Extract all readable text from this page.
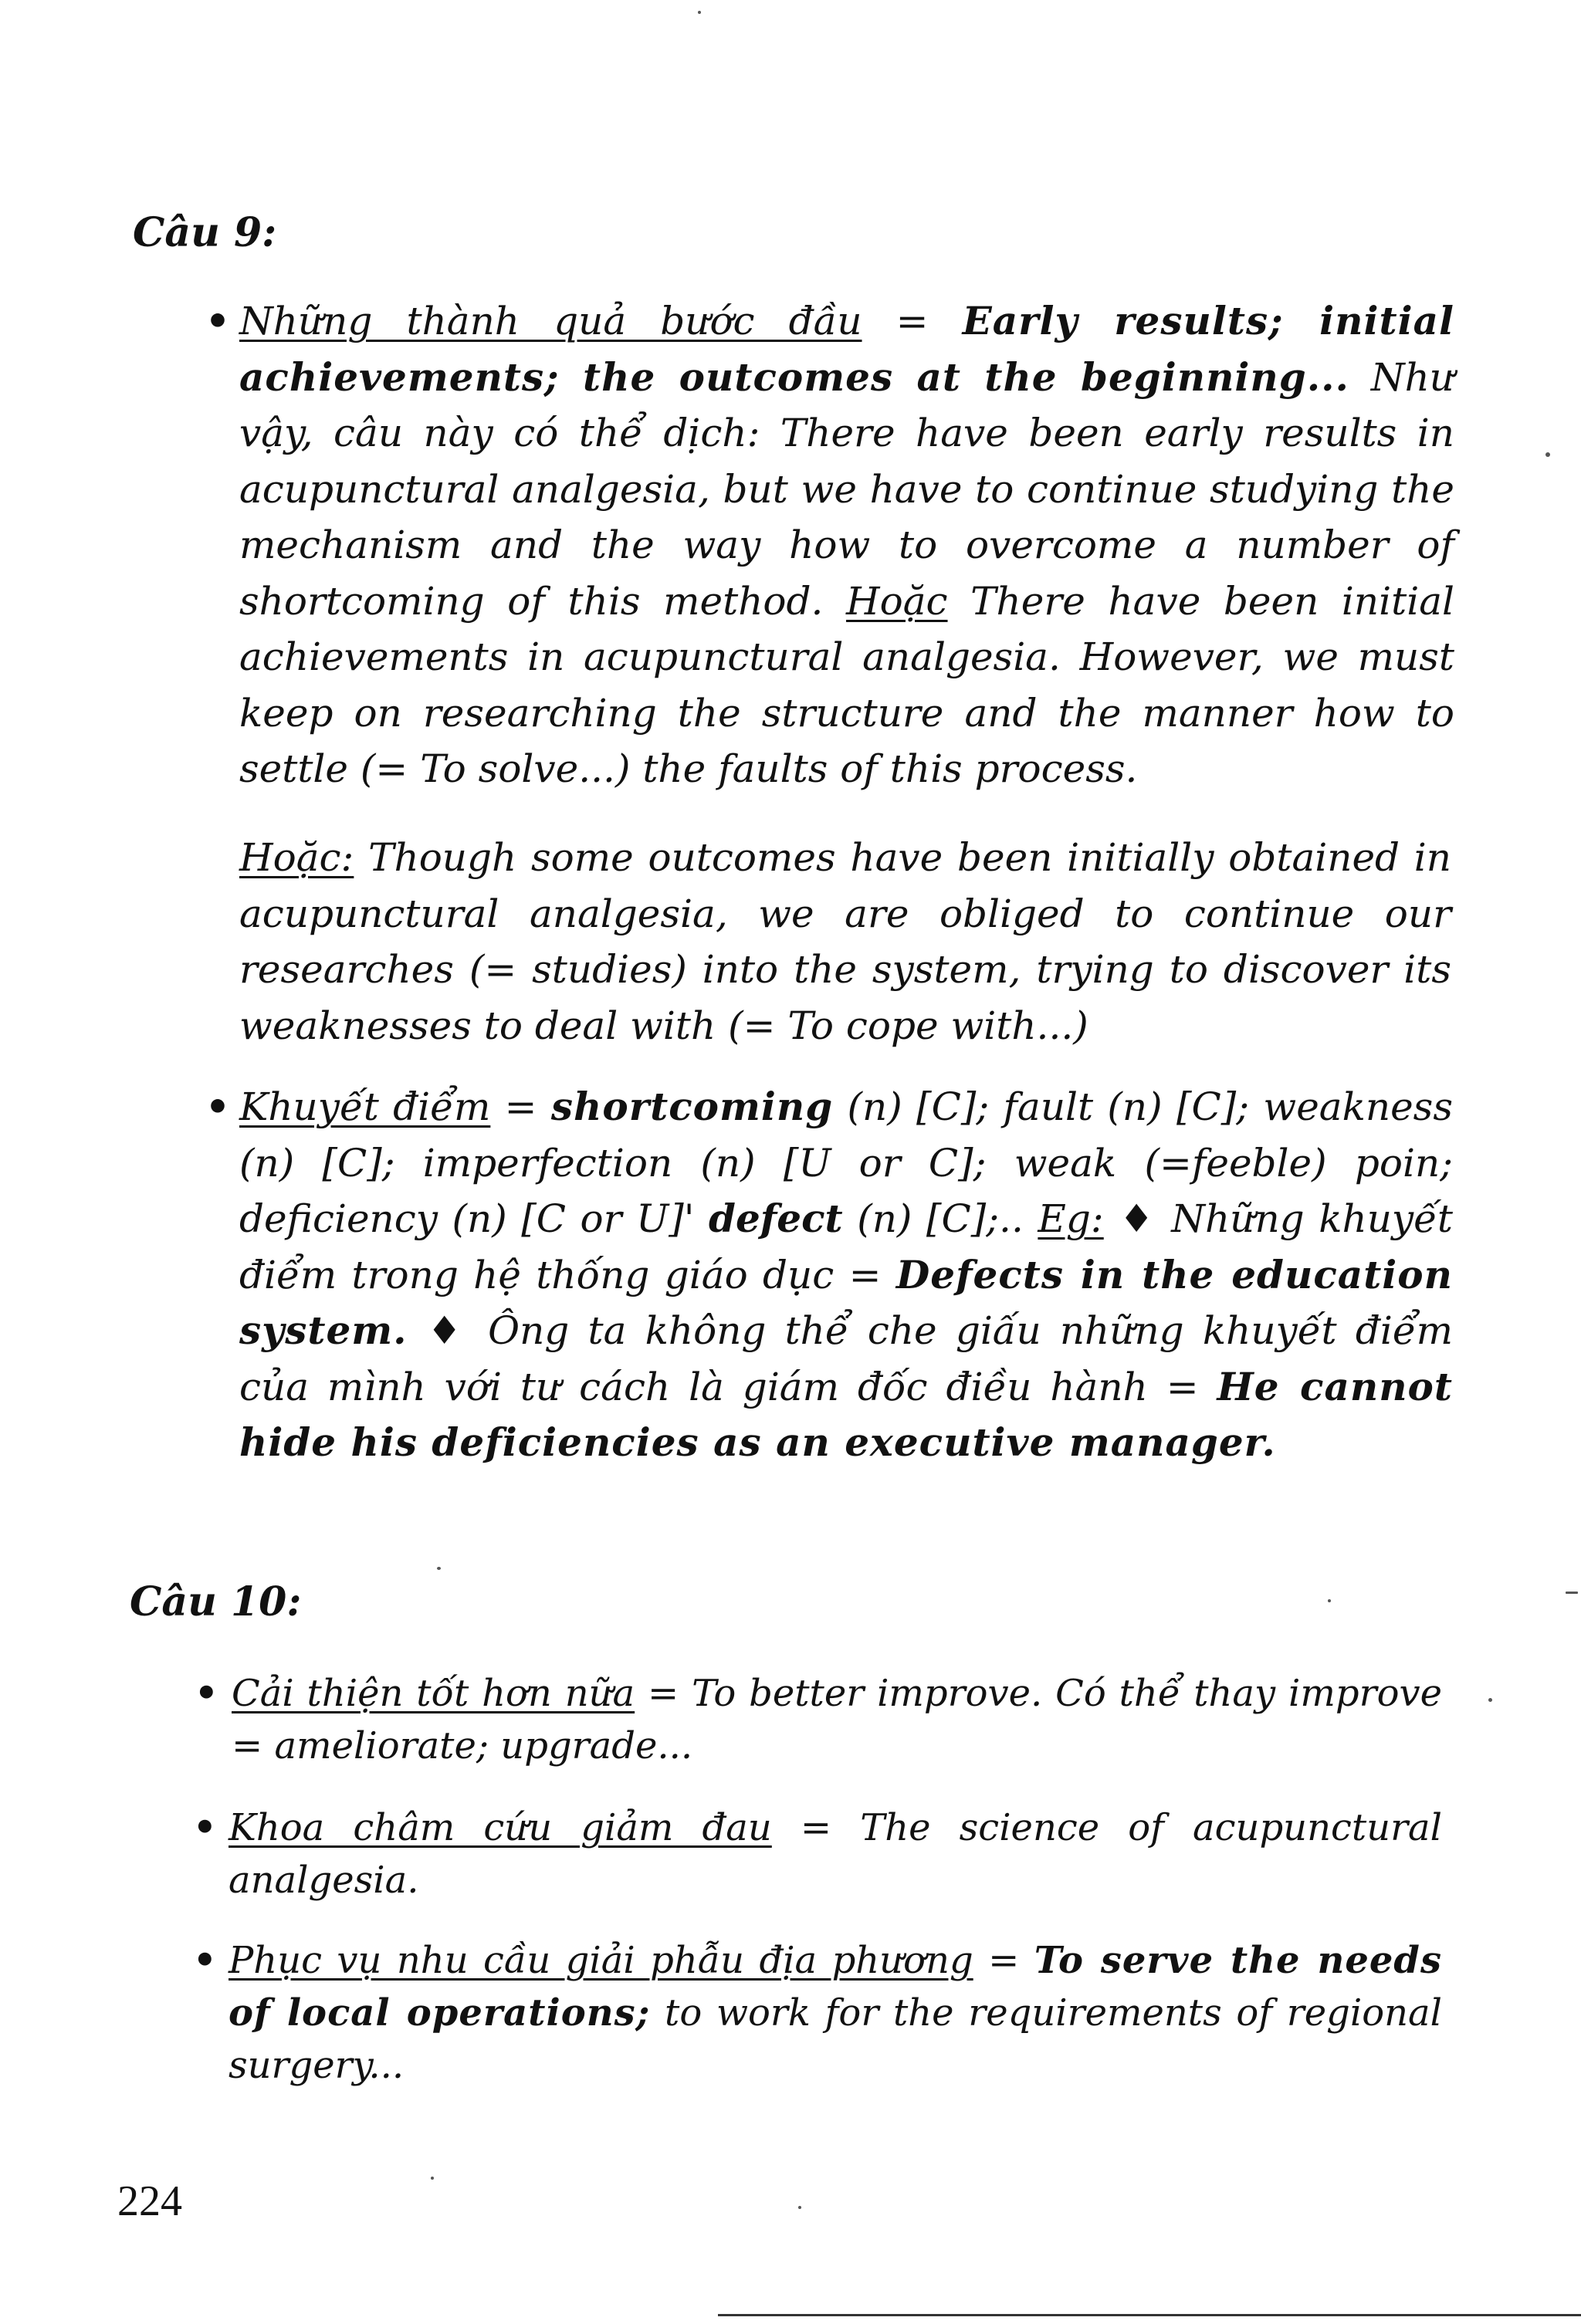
Câu 9:
• Những thành quả bước đầu = Early results; initial achievements; the outcomes at the beginning... Như vậy, câu này có thể dịch: There have been early results in acupunctural analgesia, but we have to continue studying the mechanism and the way how to overcome a number of shortcoming of this method. Hoặc There have been initial achievements in acupunctural analgesia. However, we must keep on researching the structure and the manner how to settle (= To solve...) the faults of this process.
Hoặc: Though some outcomes have been initially obtained in acupunctural analgesia, we are obliged to continue our researches (= studies) into the system, trying to discover its weaknesses to deal with (= To cope with...)
• Khuyết điểm = shortcoming (n) [C]; fault (n) [C]; weakness (n) [C]; imperfection (n) [U or C]; weak (=feeble) poin; deficiency (n) [C or U]' defect (n) [C];.. Eg: ♦ Những khuyết điểm trong hệ thống giáo dục = Defects in the education system. ♦ Ông ta không thể che giấu những khuyết điểm của mình với tư cách là giám đốc điều hành = He cannot hide his deficiencies as an executive manager.
Câu 10:
• Cải thiện tốt hơn nữa = To better improve. Có thể thay improve = ameliorate; upgrade...
• Khoa châm cứu giảm đau = The science of acupunctural analgesia.
• Phục vụ nhu cầu giải phẫu địa phương = To serve the needs of local operations; to work for the requirements of regional surgery...
224
